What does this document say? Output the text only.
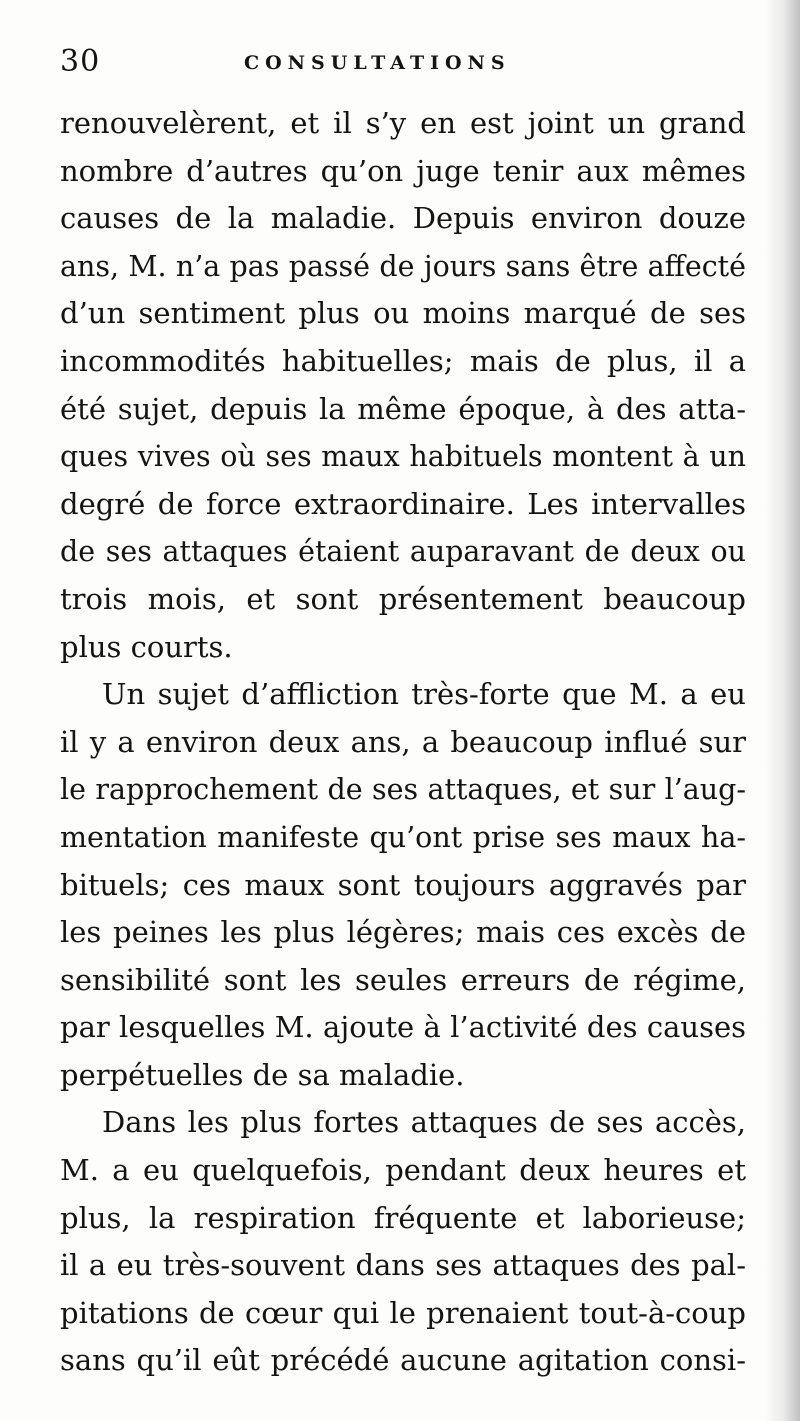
30	CONSULTATIONS
renouvelèrent, et il s’y en est joint un grand
nombre d’autres qu’on juge tenir aux mêmes
causes de la maladie. Depuis environ douze
ans, M. n’a pas passé de jours sans être affecté
d’un sentiment plus ou moins marqué de ses
incommodités habituelles; mais de plus, il a
été sujet, depuis la même époque, à des atta-
ques vives où ses maux habituels montent à un
degré de force extraordinaire. Les intervalles
de ses attaques étaient auparavant de deux ou
trois mois, et sont présentement beaucoup
plus courts.
Un sujet d’affliction très-forte que M. a eu
il y a environ deux ans, a beaucoup influé sur
le rapprochement de ses attaques, et sur l’aug-
mentation manifeste qu’ont prise ses maux ha-
bituels; ces maux sont toujours aggravés par
les peines les plus légères; mais ces excès de
sensibilité sont les seules erreurs de régime,
par lesquelles M. ajoute à l’activité des causes
perpétuelles de sa maladie.
Dans les plus fortes attaques de ses accès,
M. a eu quelquefois, pendant deux heures et
plus, la respiration fréquente et laborieuse;
il a eu très-souvent dans ses attaques des pal-
pitations de cœur qui le prenaient tout-à-coup
sans qu’il eût précédé aucune agitation consi-
